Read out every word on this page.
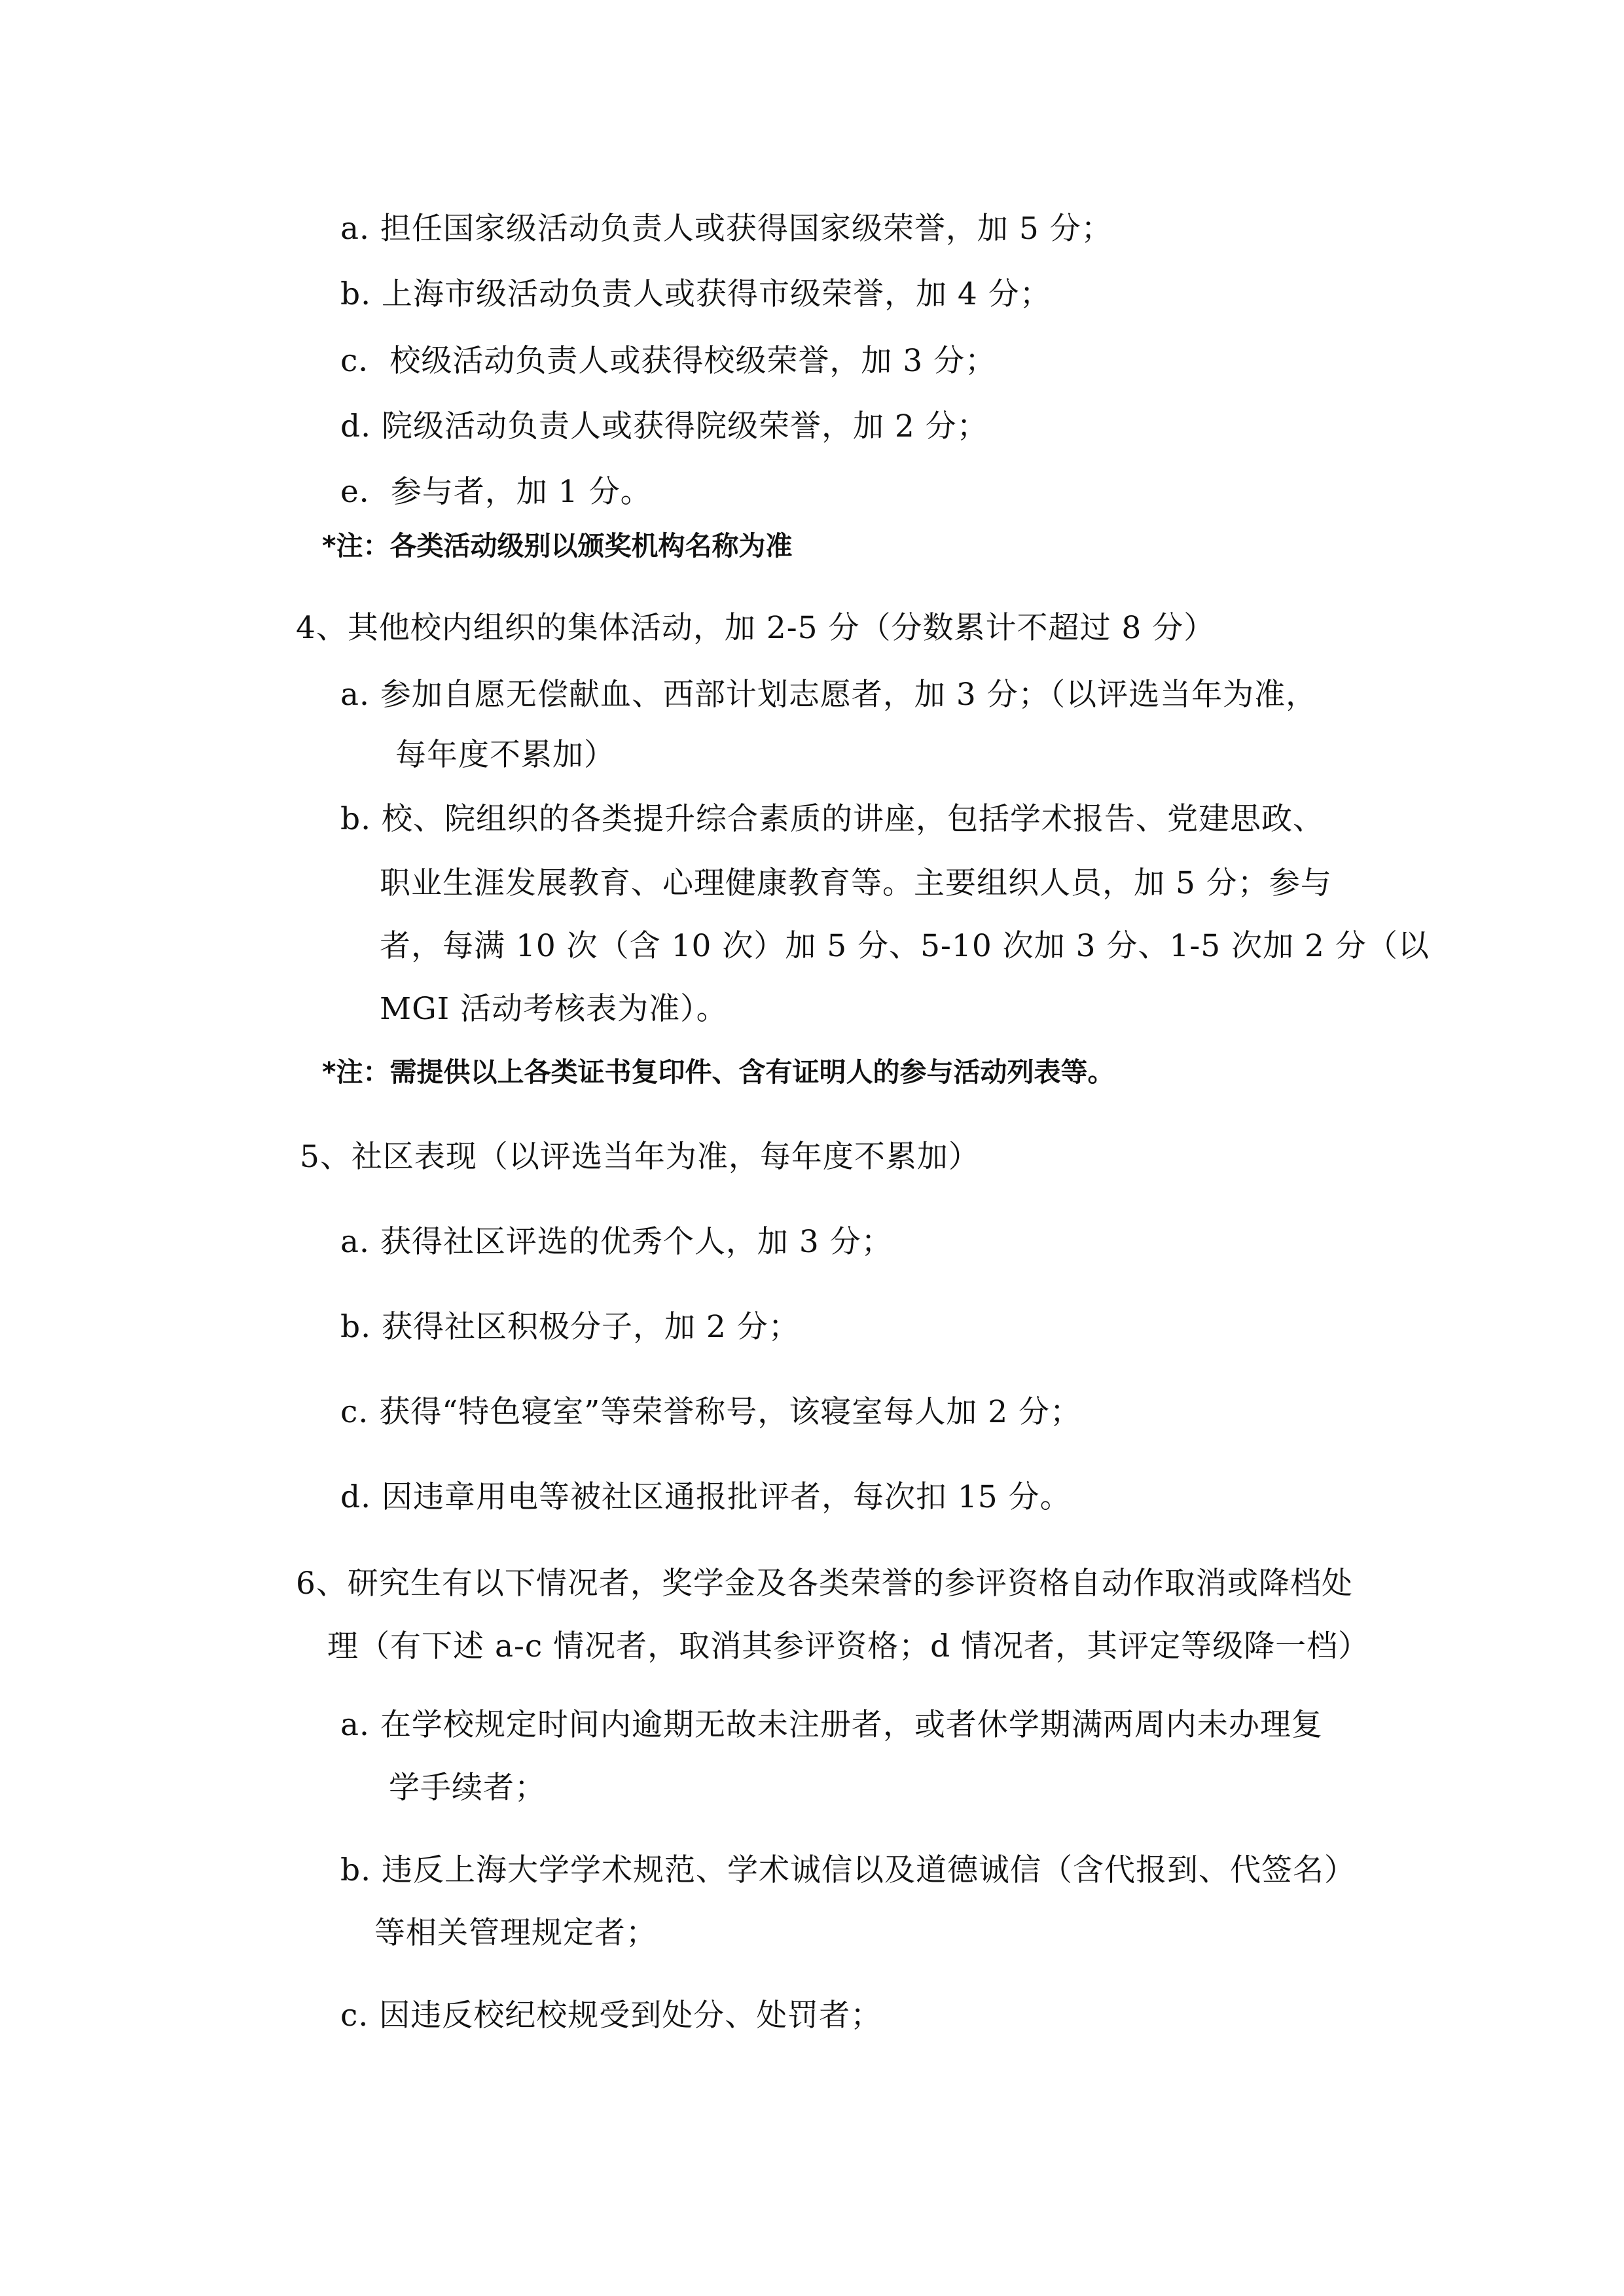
a. 担任国家级活动负责人或获得国家级荣誉，加 5 分；
b. 上海市级活动负责人或获得市级荣誉，加 4 分；
c．校级活动负责人或获得校级荣誉，加 3 分；
d. 院级活动负责人或获得院级荣誉，加 2 分；
e．参与者，加 1 分。
*注：各类活动级别以颁奖机构名称为准
4、其他校内组织的集体活动，加 2-5 分（分数累计不超过 8 分）
a. 参加自愿无偿献血、西部计划志愿者，加 3 分；（以评选当年为准，
每年度不累加）
b. 校、院组织的各类提升综合素质的讲座，包括学术报告、党建思政、
职业生涯发展教育、心理健康教育等。主要组织人员，加 5 分；参与
者，每满 10 次（含 10 次）加 5 分、5-10 次加 3 分、1-5 次加 2 分（以
MGI 活动考核表为准）。
*注：需提供以上各类证书复印件、含有证明人的参与活动列表等。
5、社区表现（以评选当年为准，每年度不累加）
a. 获得社区评选的优秀个人，加 3 分；
b. 获得社区积极分子，加 2 分；
c. 获得“特色寝室”等荣誉称号，该寝室每人加 2 分；
d. 因违章用电等被社区通报批评者，每次扣 15 分。
6、研究生有以下情况者，奖学金及各类荣誉的参评资格自动作取消或降档处
理（有下述 a-c 情况者，取消其参评资格；d 情况者，其评定等级降一档）
a. 在学校规定时间内逾期无故未注册者，或者休学期满两周内未办理复
学手续者；
b. 违反上海大学学术规范、学术诚信以及道德诚信（含代报到、代签名）
等相关管理规定者；
c. 因违反校纪校规受到处分、处罚者；
